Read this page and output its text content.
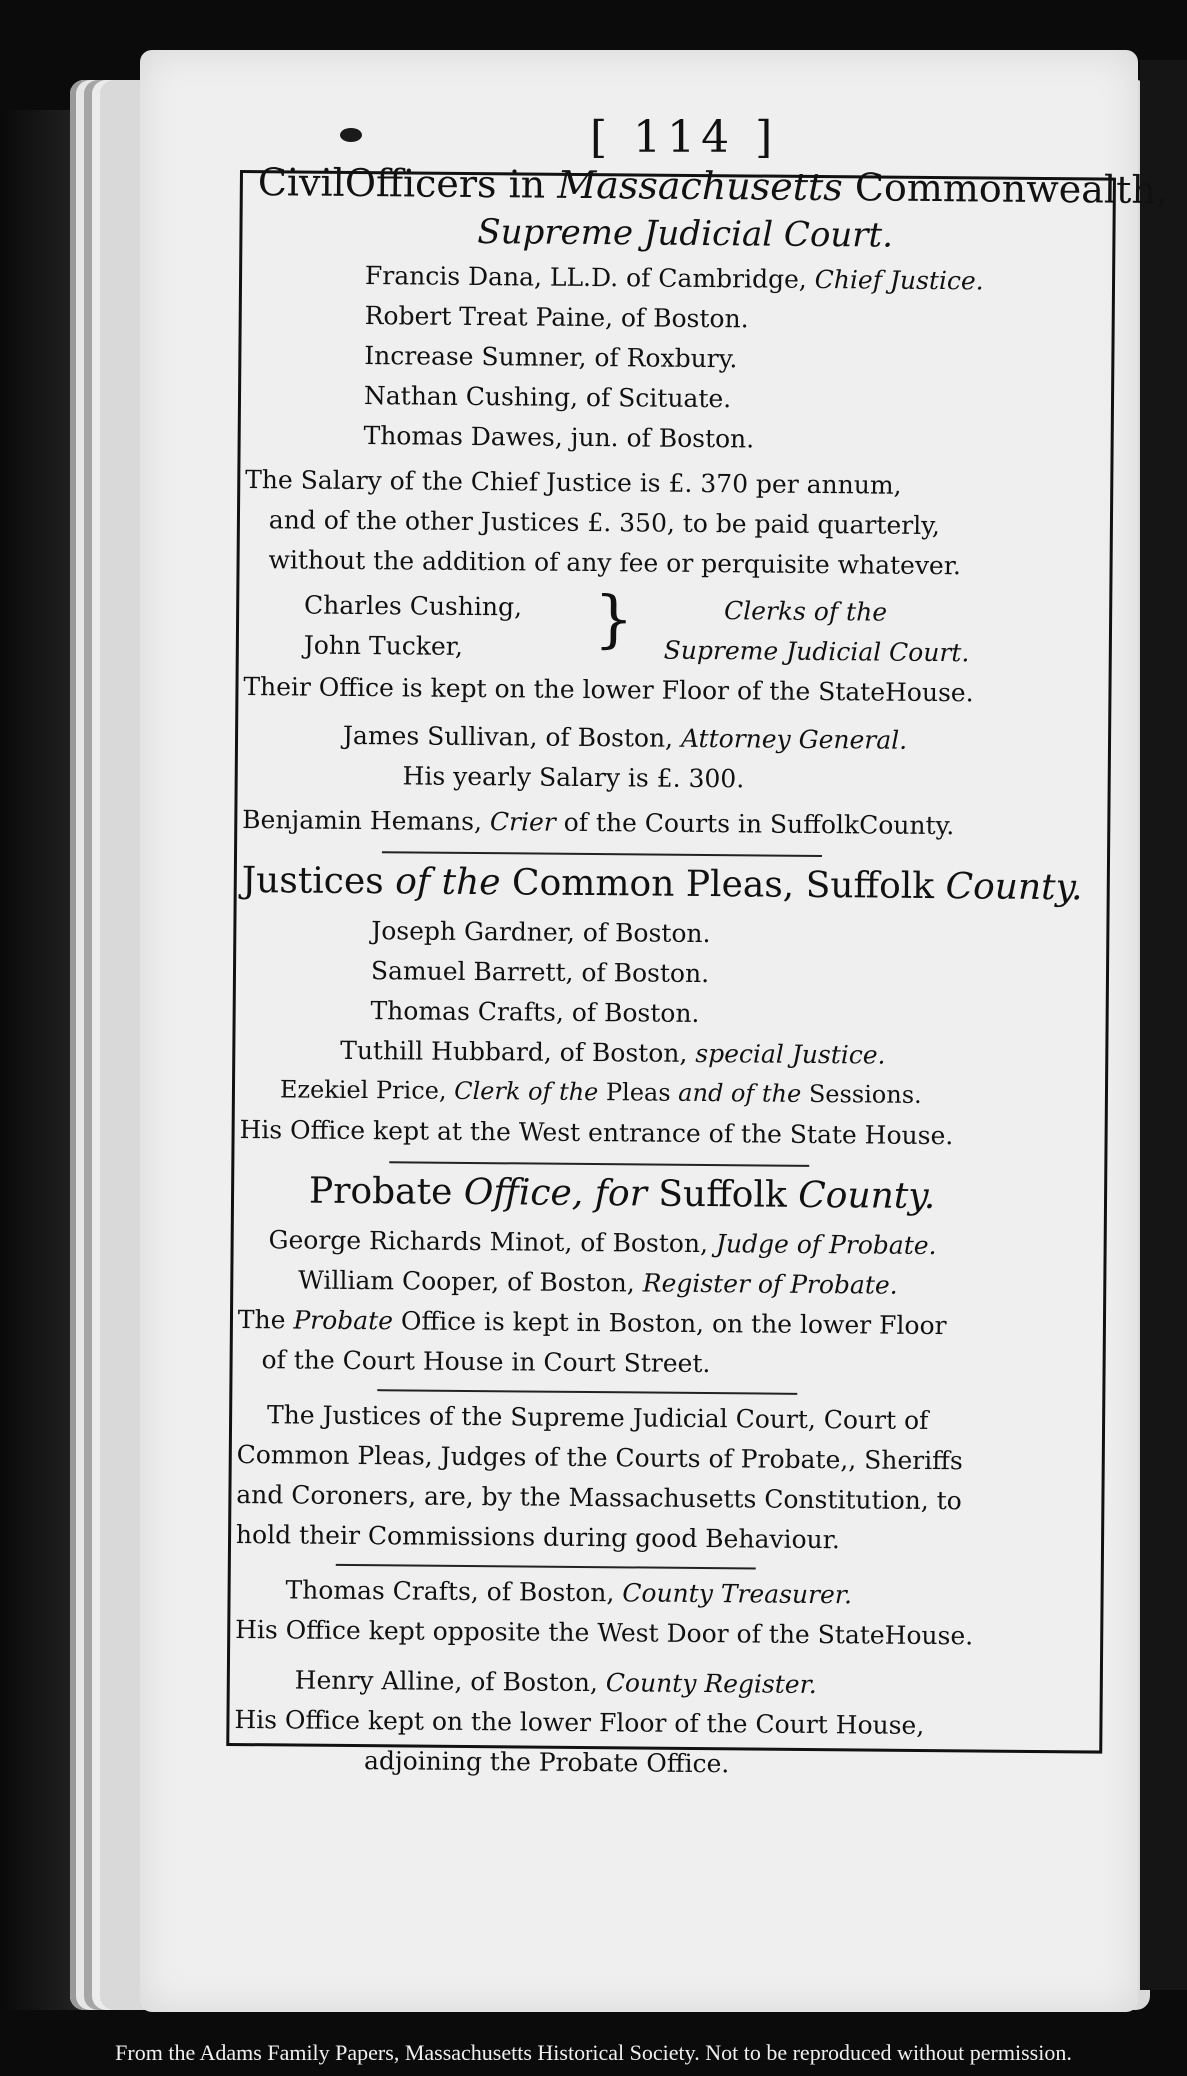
[ 114 ]
CivilOfficers in Massachusetts Commonwealth,
Supreme Judicial Court.
Francis Dana, LL.D. of Cambridge, Chief Justice.
Robert Treat Paine, of Boston.
Increase Sumner, of Roxbury.
Nathan Cushing, of Scituate.
Thomas Dawes, jun. of Boston.
The Salary of the Chief Justice is £. 370 per annum,
and of the other Justices £. 350, to be paid quarterly,
without the addition of any fee or perquisite whatever.
Charles Cushing,
John Tucker, }	Clerks of the
Supreme Judicial Court.
Their Office is kept on the lower Floor of the StateHouse.
James Sullivan, of Boston, Attorney General.
His yearly Salary is £. 300.
Benjamin Hemans, Crier of the Courts in SuffolkCounty.
Justices of the Common Pleas, Suffolk County.
Joseph Gardner, of Boston.
Samuel Barrett, of Boston.
Thomas Crafts, of Boston.
Tuthill Hubbard, of Boston, special Justice.
Ezekiel Price, Clerk of the Pleas and of the Sessions.
His Office kept at the West entrance of the State House.
Probate Office, for Suffolk County.
George Richards Minot, of Boston, Judge of Probate.
William Cooper, of Boston, Register of Probate.
The Probate Office is kept in Boston, on the lower Floor
of the Court House in Court Street.
The Justices of the Supreme Judicial Court, Court of
Common Pleas, Judges of the Courts of Probate,, Sheriffs
and Coroners, are, by the Massachusetts Constitution, to
hold their Commissions during good Behaviour.
Thomas Crafts, of Boston, County Treasurer.
His Office kept opposite the West Door of the StateHouse.
Henry Alline, of Boston, County Register.
His Office kept on the lower Floor of the Court House,
adjoining the Probate Office.
From the Adams Family Papers, Massachusetts Historical Society. Not to be reproduced without permission.
